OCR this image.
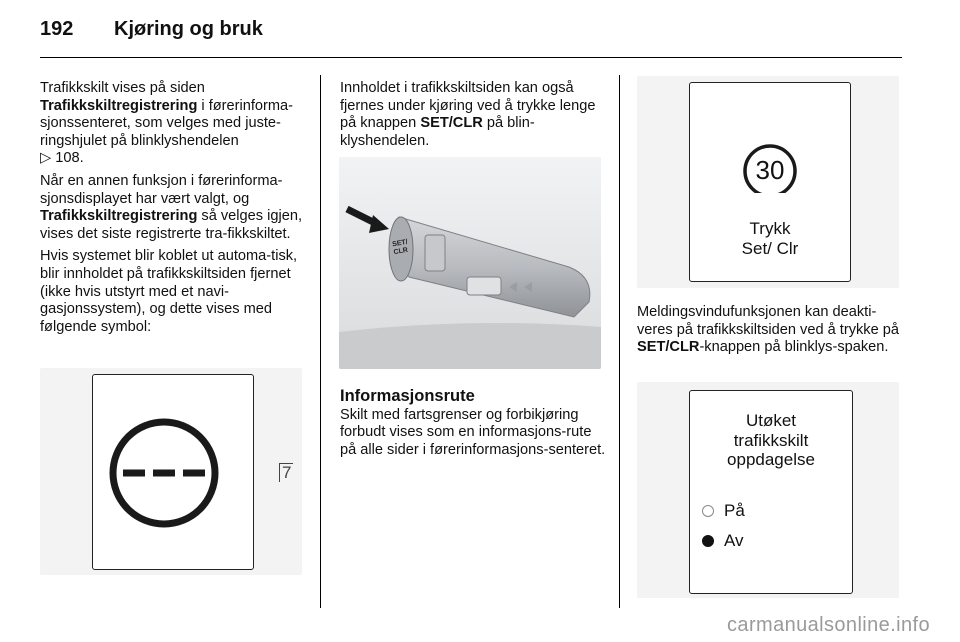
192 Kjøring og bruk

Trafikkskilt vises på siden
Trafikkskiltregistrering i førerinforma-sjonssenteret, som velges med juste-ringshjulet på blinklyshendelen
▷ 108.

Når en annen funksjon i førerinforma-sjonsdisplayet har vært valgt, og Trafikkskiltregistrering så velges igjen, vises det siste registrerte tra-fikkskiltet.

Hvis systemet blir koblet ut automa-tisk, blir innholdet på trafikkskiltsiden fjernet (ikke hvis utstyrt med et navi-gasjonssystem), og dette vises med følgende symbol:

7

Innholdet i trafikkskiltsiden kan også fjernes under kjøring ved å trykke lenge på knappen SET/CLR på blin-klyshendelen.

SET/
CLR
Informasjonsrute

Skilt med fartsgrenser og forbikjøring forbudt vises som en informasjons-rute på alle sider i førerinformasjons-senteret.

30
Trykk
Set/ Clr

Meldingsvindufunksjonen kan deakti-veres på trafikkskiltsiden ved å trykke på SET/CLR-knappen på blinklys-spaken.

Utøket
trafikkskilt
oppdagelse
På
Av
carmanualsonline.info
